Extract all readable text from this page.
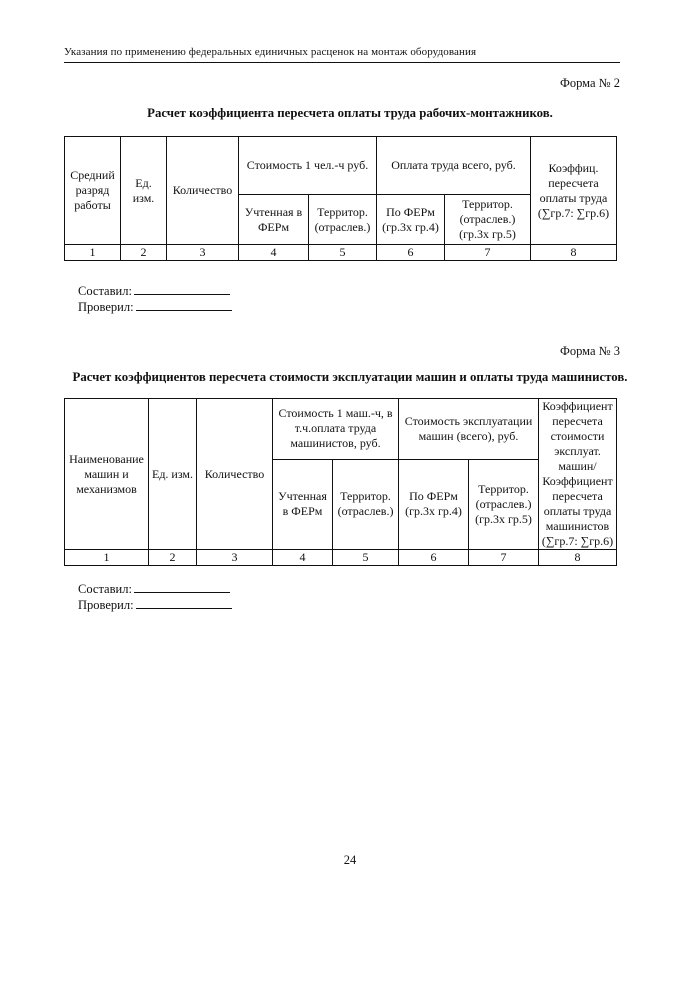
Указания по применению федеральных единичных расценок на монтаж оборудования
Форма № 2
Расчет коэффициента пересчета оплаты труда рабочих-монтажников.
Средний разряд работы	Ед. изм.	Количество	Стоимость 1 чел.-ч руб.		Оплата труда всего, руб.		Коэффиц. пересчета оплаты труда (∑гр.7: ∑гр.6)
			Учтенная в ФЕРм	Территор. (отраслев.)	По ФЕРм (гр.3х гр.4)	Территор. (отраслев.) (гр.3х гр.5)	
1	2	3	4	5	6	7	8
Составил:
Проверил:
Форма № 3
Расчет коэффициентов пересчета стоимости эксплуатации машин и оплаты труда машинистов.
Наименование машин и механизмов	Ед. изм.	Количество	Стоимость 1 маш.-ч, в т.ч.оплата труда машинистов, руб.		Стоимость эксплуатации машин (всего), руб.		Коэффициент пересчета стоимости эксплуат. машин/ Коэффициент пересчета оплаты труда машинистов (∑гр.7: ∑гр.6)
			Учтенная в ФЕРм	Территор. (отраслев.)	По ФЕРм (гр.3х гр.4)	Территор. (отраслев.) (гр.3х гр.5)	
1	2	3	4	5	6	7	8
Составил:
Проверил:
24
